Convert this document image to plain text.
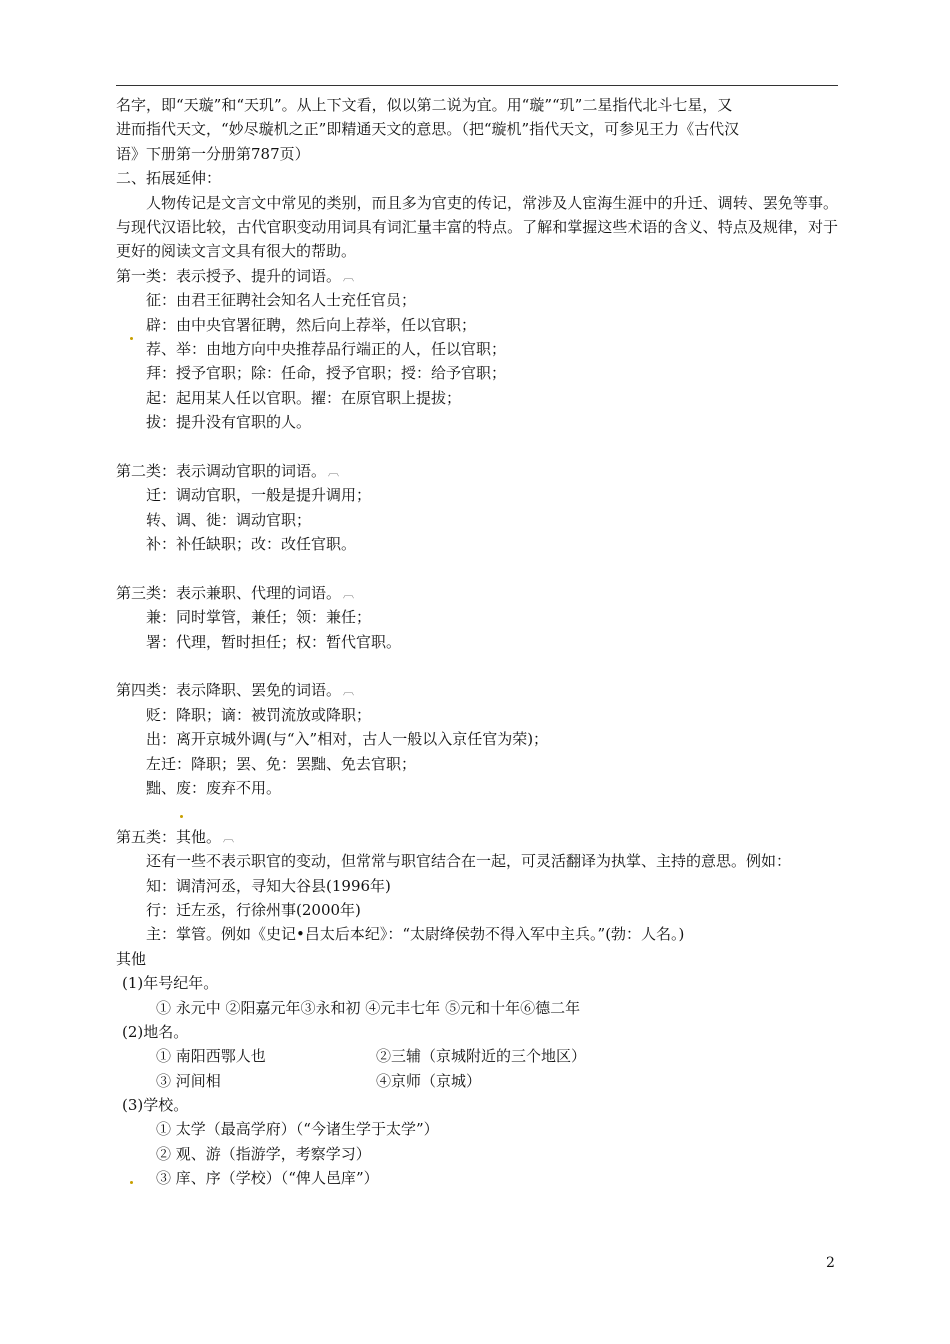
名字，即“天璇”和“天玑”。从上下文看，似以第二说为宜。用“璇”“玑”二星指代北斗七星，又
进而指代天文，“妙尽璇机之正”即精通天文的意思。（把“璇机”指代天文，可参见王力《古代汉
语》下册第一分册第787页）
二、拓展延伸：
人物传记是文言文中常见的类别，而且多为官吏的传记，常涉及人宦海生涯中的升迁、调转、罢免等事。与现代汉语比较，古代官职变动用词具有词汇量丰富的特点。了解和掌握这些术语的含义、特点及规律，对于更好的阅读文言文具有很大的帮助。
第一类：表示授予、提升的词语。 ︹
征：由君王征聘社会知名人士充任官员；
辟：由中央官署征聘，然后向上荐举，任以官职；
荐、举：由地方向中央推荐品行端正的人，任以官职；
拜：授予官职；除：任命，授予官职；授：给予官职；
起：起用某人任以官职。擢：在原官职上提拔；
拔：提升没有官职的人。
第二类：表示调动官职的词语。 ︹
迁：调动官职，一般是提升调用；
转、调、徙：调动官职；
补：补任缺职；改：改任官职。
第三类：表示兼职、代理的词语。 ︹
兼：同时掌管，兼任；领：兼任；
署：代理，暂时担任；权：暂代官职。
第四类：表示降职、罢免的词语。 ︹
贬：降职；谪：被罚流放或降职；
出：离开京城外调(与“入”相对，古人一般以入京任官为荣)；
左迁：降职；罢、免：罢黜、免去官职；
黜、废：废弃不用。
第五类：其他。 ︹
还有一些不表示职官的变动，但常常与职官结合在一起，可灵活翻译为执掌、主持的意思。例如：
知：调清河丞，寻知大谷县(1996年)
行：迁左丞，行徐州事(2000年)
主：掌管。例如《史记•吕太后本纪》：“太尉绛侯勃不得入军中主兵。”(勃：人名。)
其他
(1)年号纪年。
① 永元中 ②阳嘉元年③永和初 ④元丰七年 ⑤元和十年⑥德二年
(2)地名。
① 南阳西鄂人也	②三辅（京城附近的三个地区）
③ 河间相	④京师（京城）
(3)学校。
① 太学（最高学府）（“今诸生学于太学”）
② 观、游（指游学，考察学习）
③ 庠、序（学校）（“俾人邑庠”）
2
